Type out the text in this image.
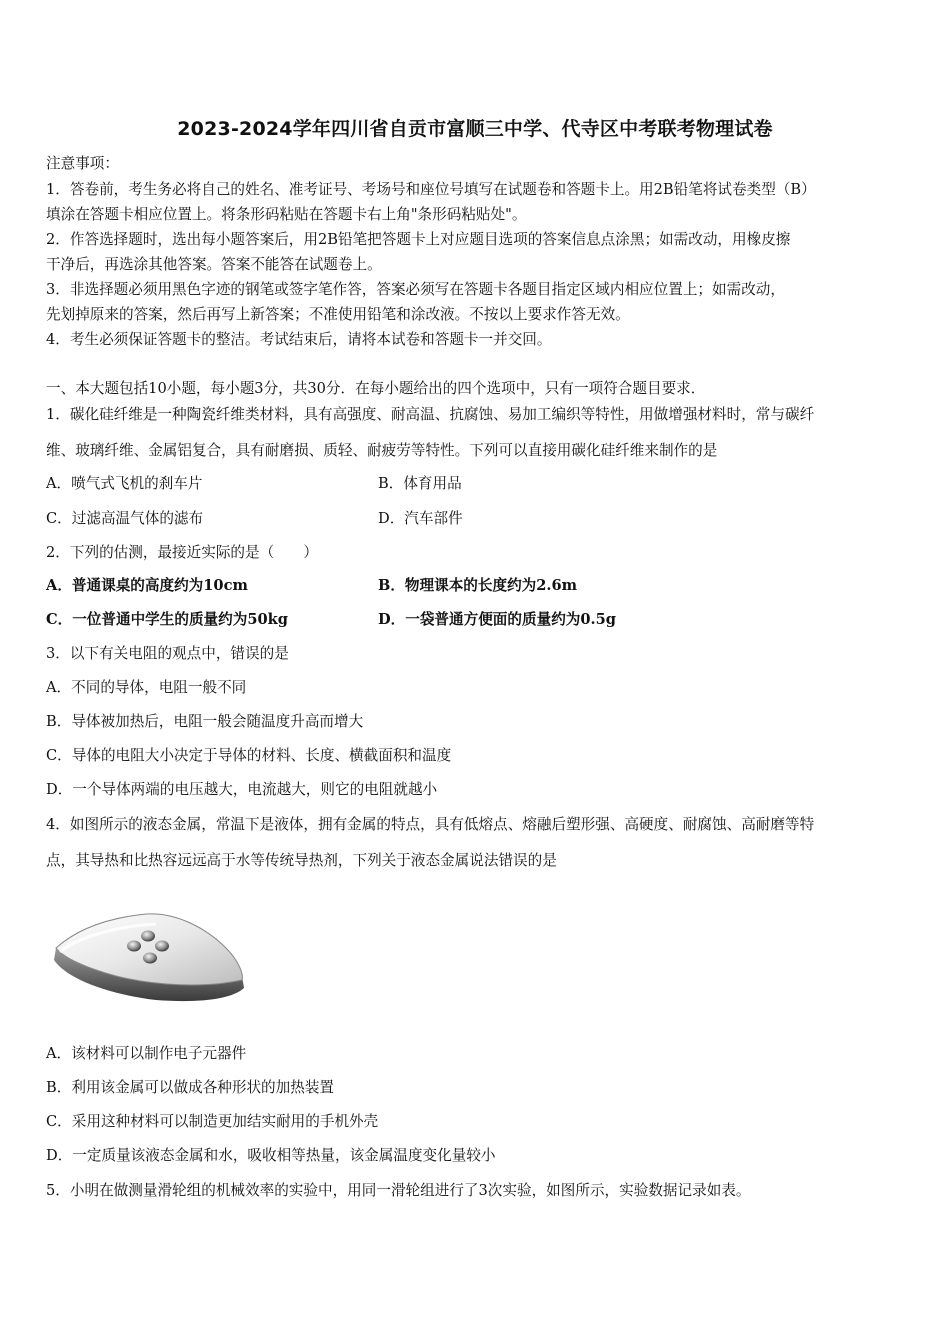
2023-2024学年四川省自贡市富顺三中学、代寺区中考联考物理试卷
注意事项：
1．答卷前，考生务必将自己的姓名、准考证号、考场号和座位号填写在试题卷和答题卡上。用2B铅笔将试卷类型（B）
填涂在答题卡相应位置上。将条形码粘贴在答题卡右上角"条形码粘贴处"。
2．作答选择题时，选出每小题答案后，用2B铅笔把答题卡上对应题目选项的答案信息点涂黑；如需改动，用橡皮擦
干净后，再选涂其他答案。答案不能答在试题卷上。
3．非选择题必须用黑色字迹的钢笔或签字笔作答，答案必须写在答题卡各题目指定区域内相应位置上；如需改动，
先划掉原来的答案，然后再写上新答案；不准使用铅笔和涂改液。不按以上要求作答无效。
4．考生必须保证答题卡的整洁。考试结束后，请将本试卷和答题卡一并交回。
一、本大题包括10小题，每小题3分，共30分．在每小题给出的四个选项中，只有一项符合题目要求．
1．碳化硅纤维是一种陶瓷纤维类材料，具有高强度、耐高温、抗腐蚀、易加工编织等特性，用做增强材料时，常与碳纤
维、玻璃纤维、金属铝复合，具有耐磨损、质轻、耐疲劳等特性。下列可以直接用碳化硅纤维来制作的是
A．喷气式飞机的刹车片	B．体育用品
C．过滤高温气体的滤布	D．汽车部件
2．下列的估测，最接近实际的是（　　）
A．普通课桌的高度约为10cm	B．物理课本的长度约为2.6m
C．一位普通中学生的质量约为50kg	D．一袋普通方便面的质量约为0.5g
3．以下有关电阻的观点中，错误的是
A．不同的导体，电阻一般不同
B．导体被加热后，电阻一般会随温度升高而增大
C．导体的电阻大小决定于导体的材料、长度、横截面积和温度
D．一个导体两端的电压越大，电流越大，则它的电阻就越小
4．如图所示的液态金属，常温下是液体，拥有金属的特点，具有低熔点、熔融后塑形强、高硬度、耐腐蚀、高耐磨等特
点，其导热和比热容远远高于水等传统导热剂，下列关于液态金属说法错误的是
A．该材料可以制作电子元器件
B．利用该金属可以做成各种形状的加热装置
C．采用这种材料可以制造更加结实耐用的手机外壳
D．一定质量该液态金属和水，吸收相等热量，该金属温度变化量较小
5．小明在做测量滑轮组的机械效率的实验中，用同一滑轮组进行了3次实验，如图所示，实验数据记录如表。
